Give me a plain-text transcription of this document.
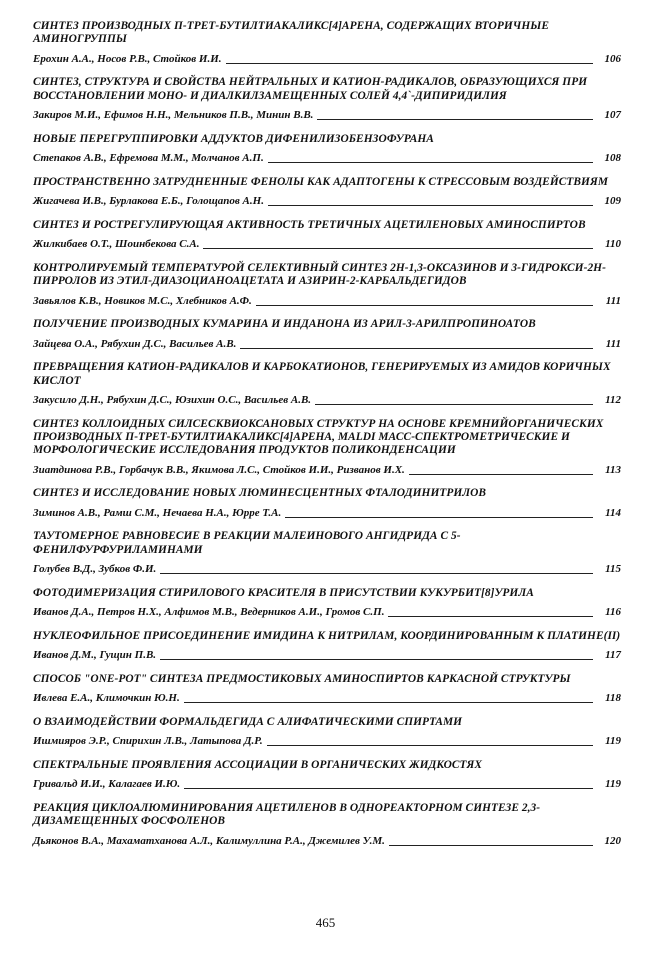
СИНТЕЗ ПРОИЗВОДНЫХ П-ТРЕТ-БУТИЛТИАКАЛИКС[4]АРЕНА, СОДЕРЖАЩИХ ВТОРИЧНЫЕ АМИНОГРУППЫ

Ерохин А.А., Носов Р.В., Стойков И.И.	106

СИНТЕЗ, СТРУКТУРА И СВОЙСТВА НЕЙТРАЛЬНЫХ И КАТИОН-РАДИКАЛОВ, ОБРАЗУЮЩИХСЯ ПРИ ВОССТАНОВЛЕНИИ МОНО- И ДИАЛКИЛЗАМЕЩЕННЫХ СОЛЕЙ 4,4`-ДИПИРИДИЛИЯ

Закиров М.И., Ефимов Н.Н., Мельников П.В., Минин В.В.	107

НОВЫЕ ПЕРЕГРУППИРОВКИ АДДУКТОВ ДИФЕНИЛИЗОБЕНЗОФУРАНА

Степаков А.В., Ефремова М.М., Молчанов А.П.	108

ПРОСТРАНСТВЕННО ЗАТРУДНЕННЫЕ ФЕНОЛЫ КАК АДАПТОГЕНЫ К СТРЕССОВЫМ ВОЗДЕЙСТВИЯМ

Жигачева И.В., Бурлакова Е.Б., Голощапов А.Н.	109

СИНТЕЗ И РОСТРЕГУЛИРУЮЩАЯ АКТИВНОСТЬ ТРЕТИЧНЫХ АЦЕТИЛЕНОВЫХ АМИНОСПИРТОВ

Жилкибаев О.Т., Шоинбекова С.А.	110

КОНТРОЛИРУЕМЫЙ ТЕМПЕРАТУРОЙ СЕЛЕКТИВНЫЙ СИНТЕЗ 2Н-1,3-ОКСАЗИНОВ И 3-ГИДРОКСИ-2Н-ПИРРОЛОВ ИЗ ЭТИЛ-ДИАЗОЦИАНОАЦЕТАТА И АЗИРИН-2-КАРБАЛЬДЕГИДОВ

Завьялов К.В., Новиков М.С., Хлебников А.Ф.	111

ПОЛУЧЕНИЕ ПРОИЗВОДНЫХ КУМАРИНА И ИНДАНОНА ИЗ АРИЛ-3-АРИЛПРОПИНОАТОВ

Зайцева О.А., Рябухин Д.С., Васильев А.В.	111

ПРЕВРАЩЕНИЯ КАТИОН-РАДИКАЛОВ И КАРБОКАТИОНОВ, ГЕНЕРИРУЕМЫХ ИЗ АМИДОВ КОРИЧНЫХ КИСЛОТ

Закусило Д.Н., Рябухин Д.С., Юзихин О.С., Васильев А.В.	112

СИНТЕЗ КОЛЛОИДНЫХ СИЛСЕСКВИОКСАНОВЫХ СТРУКТУР НА ОСНОВЕ КРЕМНИЙОРГАНИЧЕСКИХ ПРОИЗВОДНЫХ П-ТРЕТ-БУТИЛТИАКАЛИКС[4]АРЕНА, MALDI МАСС-СПЕКТРОМЕТРИЧЕСКИЕ И МОРФОЛОГИЧЕСКИЕ ИССЛЕДОВАНИЯ ПРОДУКТОВ ПОЛИКОНДЕНСАЦИИ

Зиатдинова Р.В., Горбачук В.В., Якимова Л.С., Стойков И.И., Ризванов И.Х.	113

СИНТЕЗ И ИССЛЕДОВАНИЕ НОВЫХ ЛЮМИНЕСЦЕНТНЫХ ФТАЛОДИНИТРИЛОВ

Зиминов А.В., Рамш С.М., Нечаева Н.А., Юрре Т.А.	114

ТАУТОМЕРНОЕ РАВНОВЕСИЕ В РЕАКЦИИ МАЛЕИНОВОГО АНГИДРИДА С 5-ФЕНИЛФУРФУРИЛАМИНАМИ

Голубев В.Д., Зубков Ф.И.	115

ФОТОДИМЕРИЗАЦИЯ СТИРИЛОВОГО КРАСИТЕЛЯ В ПРИСУТСТВИИ КУКУРБИТ[8]УРИЛА

Иванов Д.А., Петров Н.Х., Алфимов М.В., Ведерников А.И., Громов С.П.	116

НУКЛЕОФИЛЬНОЕ ПРИСОЕДИНЕНИЕ ИМИДИНА К НИТРИЛАМ, КООРДИНИРОВАННЫМ К ПЛАТИНЕ(II)

Иванов Д.М., Гущин П.В.	117

СПОСОБ "ONE-POT" СИНТЕЗА ПРЕДМОСТИКОВЫХ АМИНОСПИРТОВ КАРКАСНОЙ СТРУКТУРЫ

Ивлева Е.А., Климочкин Ю.Н.	118

О ВЗАИМОДЕЙСТВИИ ФОРМАЛЬДЕГИДА С АЛИФАТИЧЕСКИМИ СПИРТАМИ

Ишмияров Э.Р., Спирихин Л.В., Латыпова Д.Р.	119

СПЕКТРАЛЬНЫЕ ПРОЯВЛЕНИЯ АССОЦИАЦИИ В ОРГАНИЧЕСКИХ ЖИДКОСТЯХ

Гривальд И.И., Калагаев И.Ю.	119

РЕАКЦИЯ ЦИКЛОАЛЮМИНИРОВАНИЯ АЦЕТИЛЕНОВ В ОДНОРЕАКТОРНОМ СИНТЕЗЕ 2,3-ДИЗАМЕЩЕННЫХ ФОСФОЛЕНОВ

Дьяконов В.А., Махаматханова А.Л., Калимуллина Р.А., Джемилев У.М.	120
465
